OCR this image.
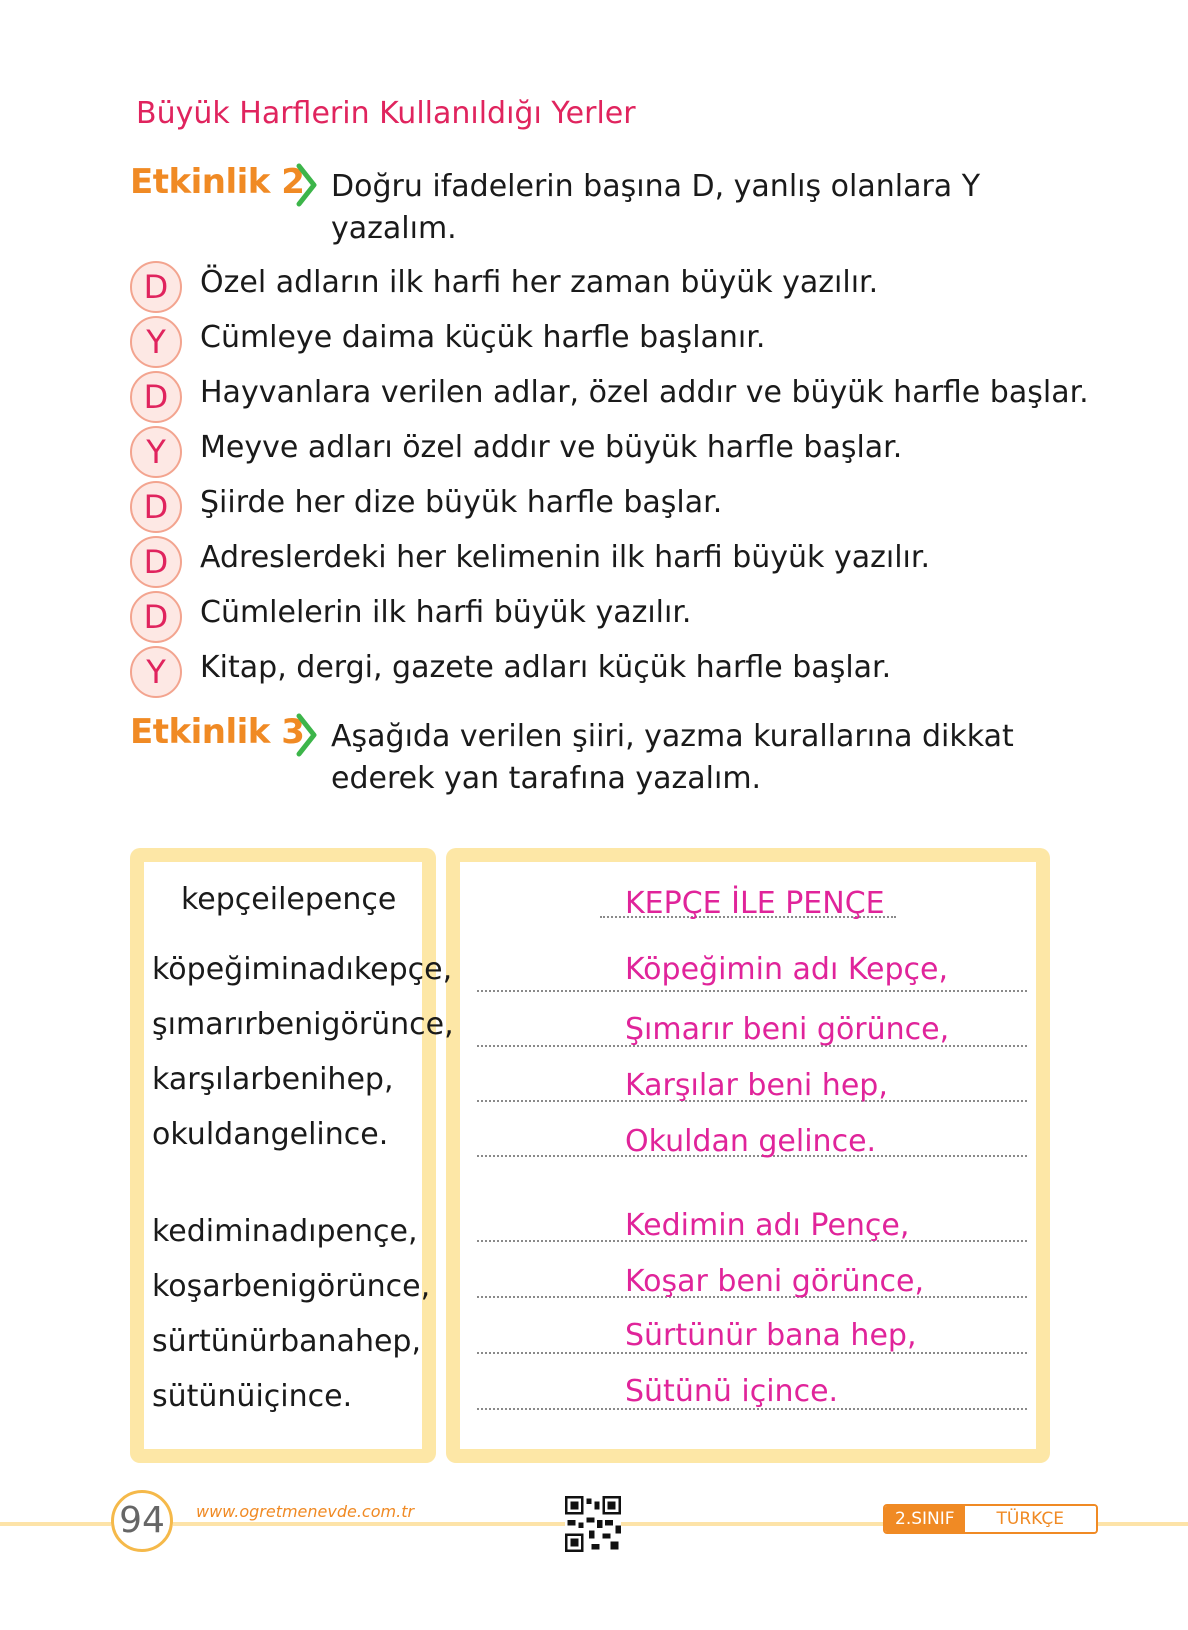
Büyük Harflerin Kullanıldığı Yerler
Etkinlik 2 Doğru ifadelerin başına D, yanlış olanlara Y
yazalım.
D	Özel adların ilk harfi her zaman büyük yazılır.
Y	Cümleye daima küçük harfle başlanır.
D	Hayvanlara verilen adlar, özel addır ve büyük harfle başlar.
Y	Meyve adları özel addır ve büyük harfle başlar.
D	Şiirde her dize büyük harfle başlar.
D	Adreslerdeki her kelimenin ilk harfi büyük yazılır.
D	Cümlelerin ilk harfi büyük yazılır.
Y	Kitap, dergi, gazete adları küçük harfle başlar.
Etkinlik 3 Aşağıda verilen şiiri, yazma kurallarına dikkat
ederek yan tarafına yazalım.
kepçeilepençe
köpeğiminadıkepçe,
şımarırbenigörünce,
karşılarbenihep,
okuldangelince.
kediminadıpençe,
koşarbenigörünce,
sürtünürbanahep,
sütünüiçince.
KEPÇE İLE PENÇE
Köpeğimin adı Kepçe,
Şımarır beni görünce,
Karşılar beni hep,
Okuldan gelince.
Kedimin adı Pençe,
Koşar beni görünce,
Sürtünür bana hep,
Sütünü içince.
94	www.ogretmenevde.com.tr	2.SINIF	TÜRKÇE
